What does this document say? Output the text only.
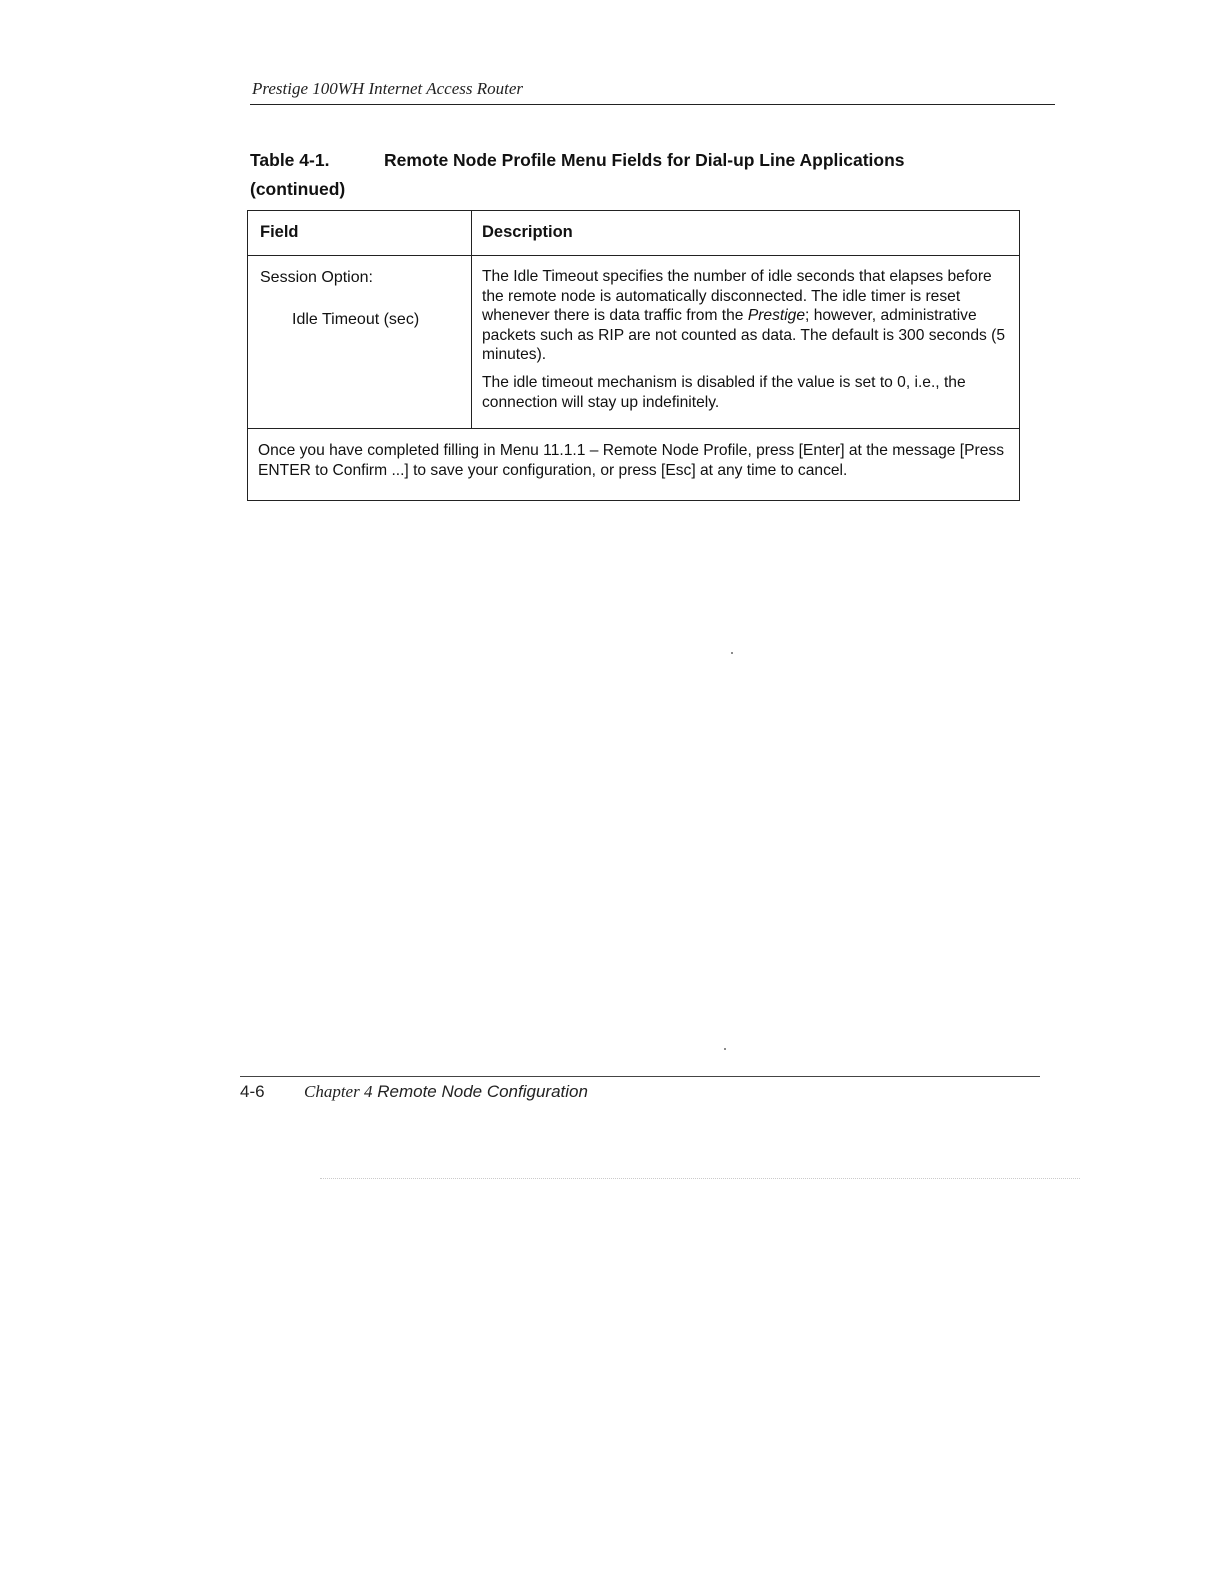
Prestige 100WH Internet Access Router
Table 4-1.	Remote Node Profile Menu Fields for Dial-up Line Applications
(continued)
Field	Description
Session Option:
Idle Timeout (sec)

The Idle Timeout specifies the number of idle seconds that elapses before the remote node is automatically disconnected. The idle timer is reset whenever there is data traffic from the Prestige; however, administrative packets such as RIP are not counted as data. The default is 300 seconds (5 minutes).

The idle timeout mechanism is disabled if the value is set to 0, i.e., the connection will stay up indefinitely.

Once you have completed filling in Menu 11.1.1 – Remote Node Profile, press [Enter] at the message [Press ENTER to Confirm ...] to save your configuration, or press [Esc] at any time to cancel.
4-6 Chapter 4 Remote Node Configuration
